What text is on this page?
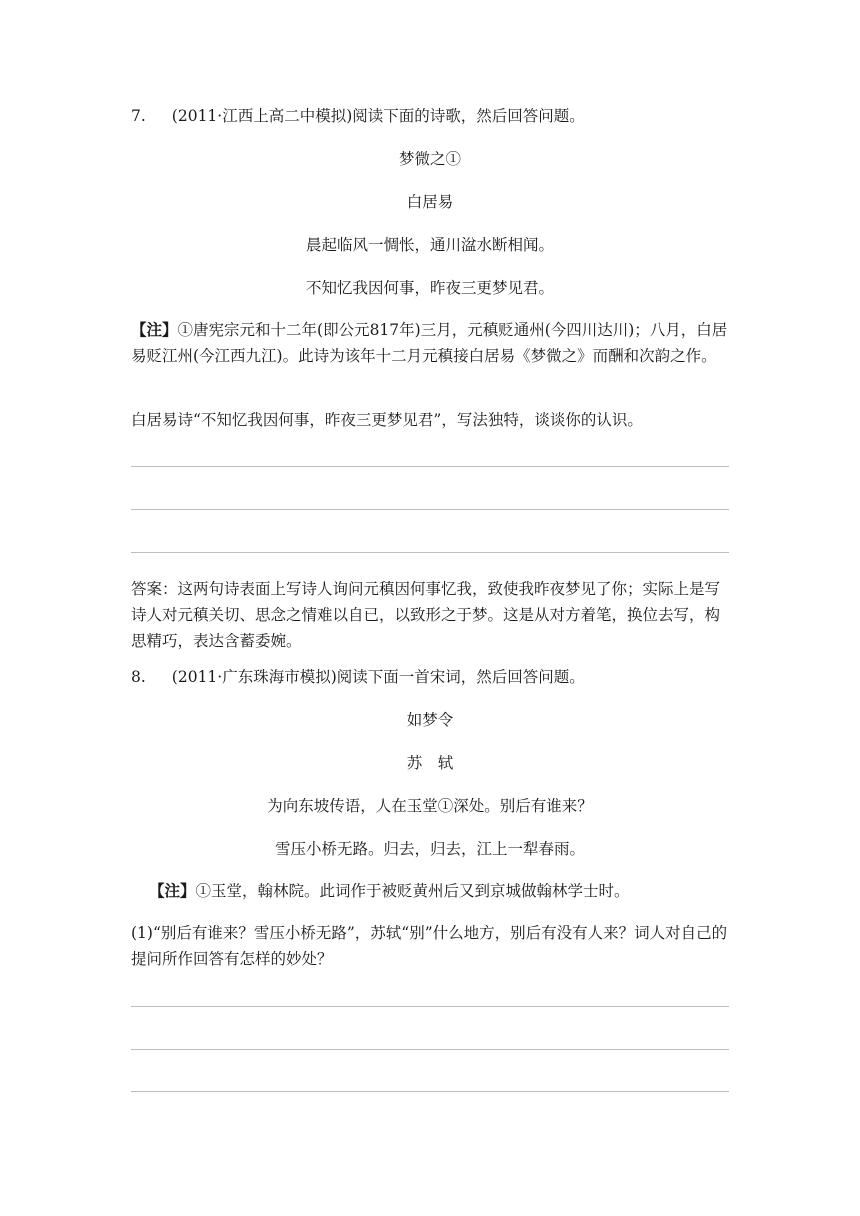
7. (2011·江西上高二中模拟)阅读下面的诗歌，然后回答问题。
梦微之①
白居易
晨起临风一惆怅，通川湓水断相闻。
不知忆我因何事，昨夜三更梦见君。
【注】①唐宪宗元和十二年(即公元817年)三月，元稹贬通州(今四川达川)；八月，白居易贬江州(今江西九江)。此诗为该年十二月元稹接白居易《梦微之》而酬和次韵之作。
白居易诗“不知忆我因何事，昨夜三更梦见君”，写法独特，谈谈你的认识。
答案：这两句诗表面上写诗人询问元稹因何事忆我，致使我昨夜梦见了你；实际上是写诗人对元稹关切、思念之情难以自已，以致形之于梦。这是从对方着笔，换位去写，构思精巧，表达含蓄委婉。
8. (2011·广东珠海市模拟)阅读下面一首宋词，然后回答问题。
如梦令
苏　轼
为向东坡传语，人在玉堂①深处。别后有谁来？
雪压小桥无路。归去，归去，江上一犁春雨。
【注】①玉堂，翰林院。此词作于被贬黄州后又到京城做翰林学士时。
(1)“别后有谁来？雪压小桥无路”，苏轼“别”什么地方，别后有没有人来？词人对自己的提问所作回答有怎样的妙处？
